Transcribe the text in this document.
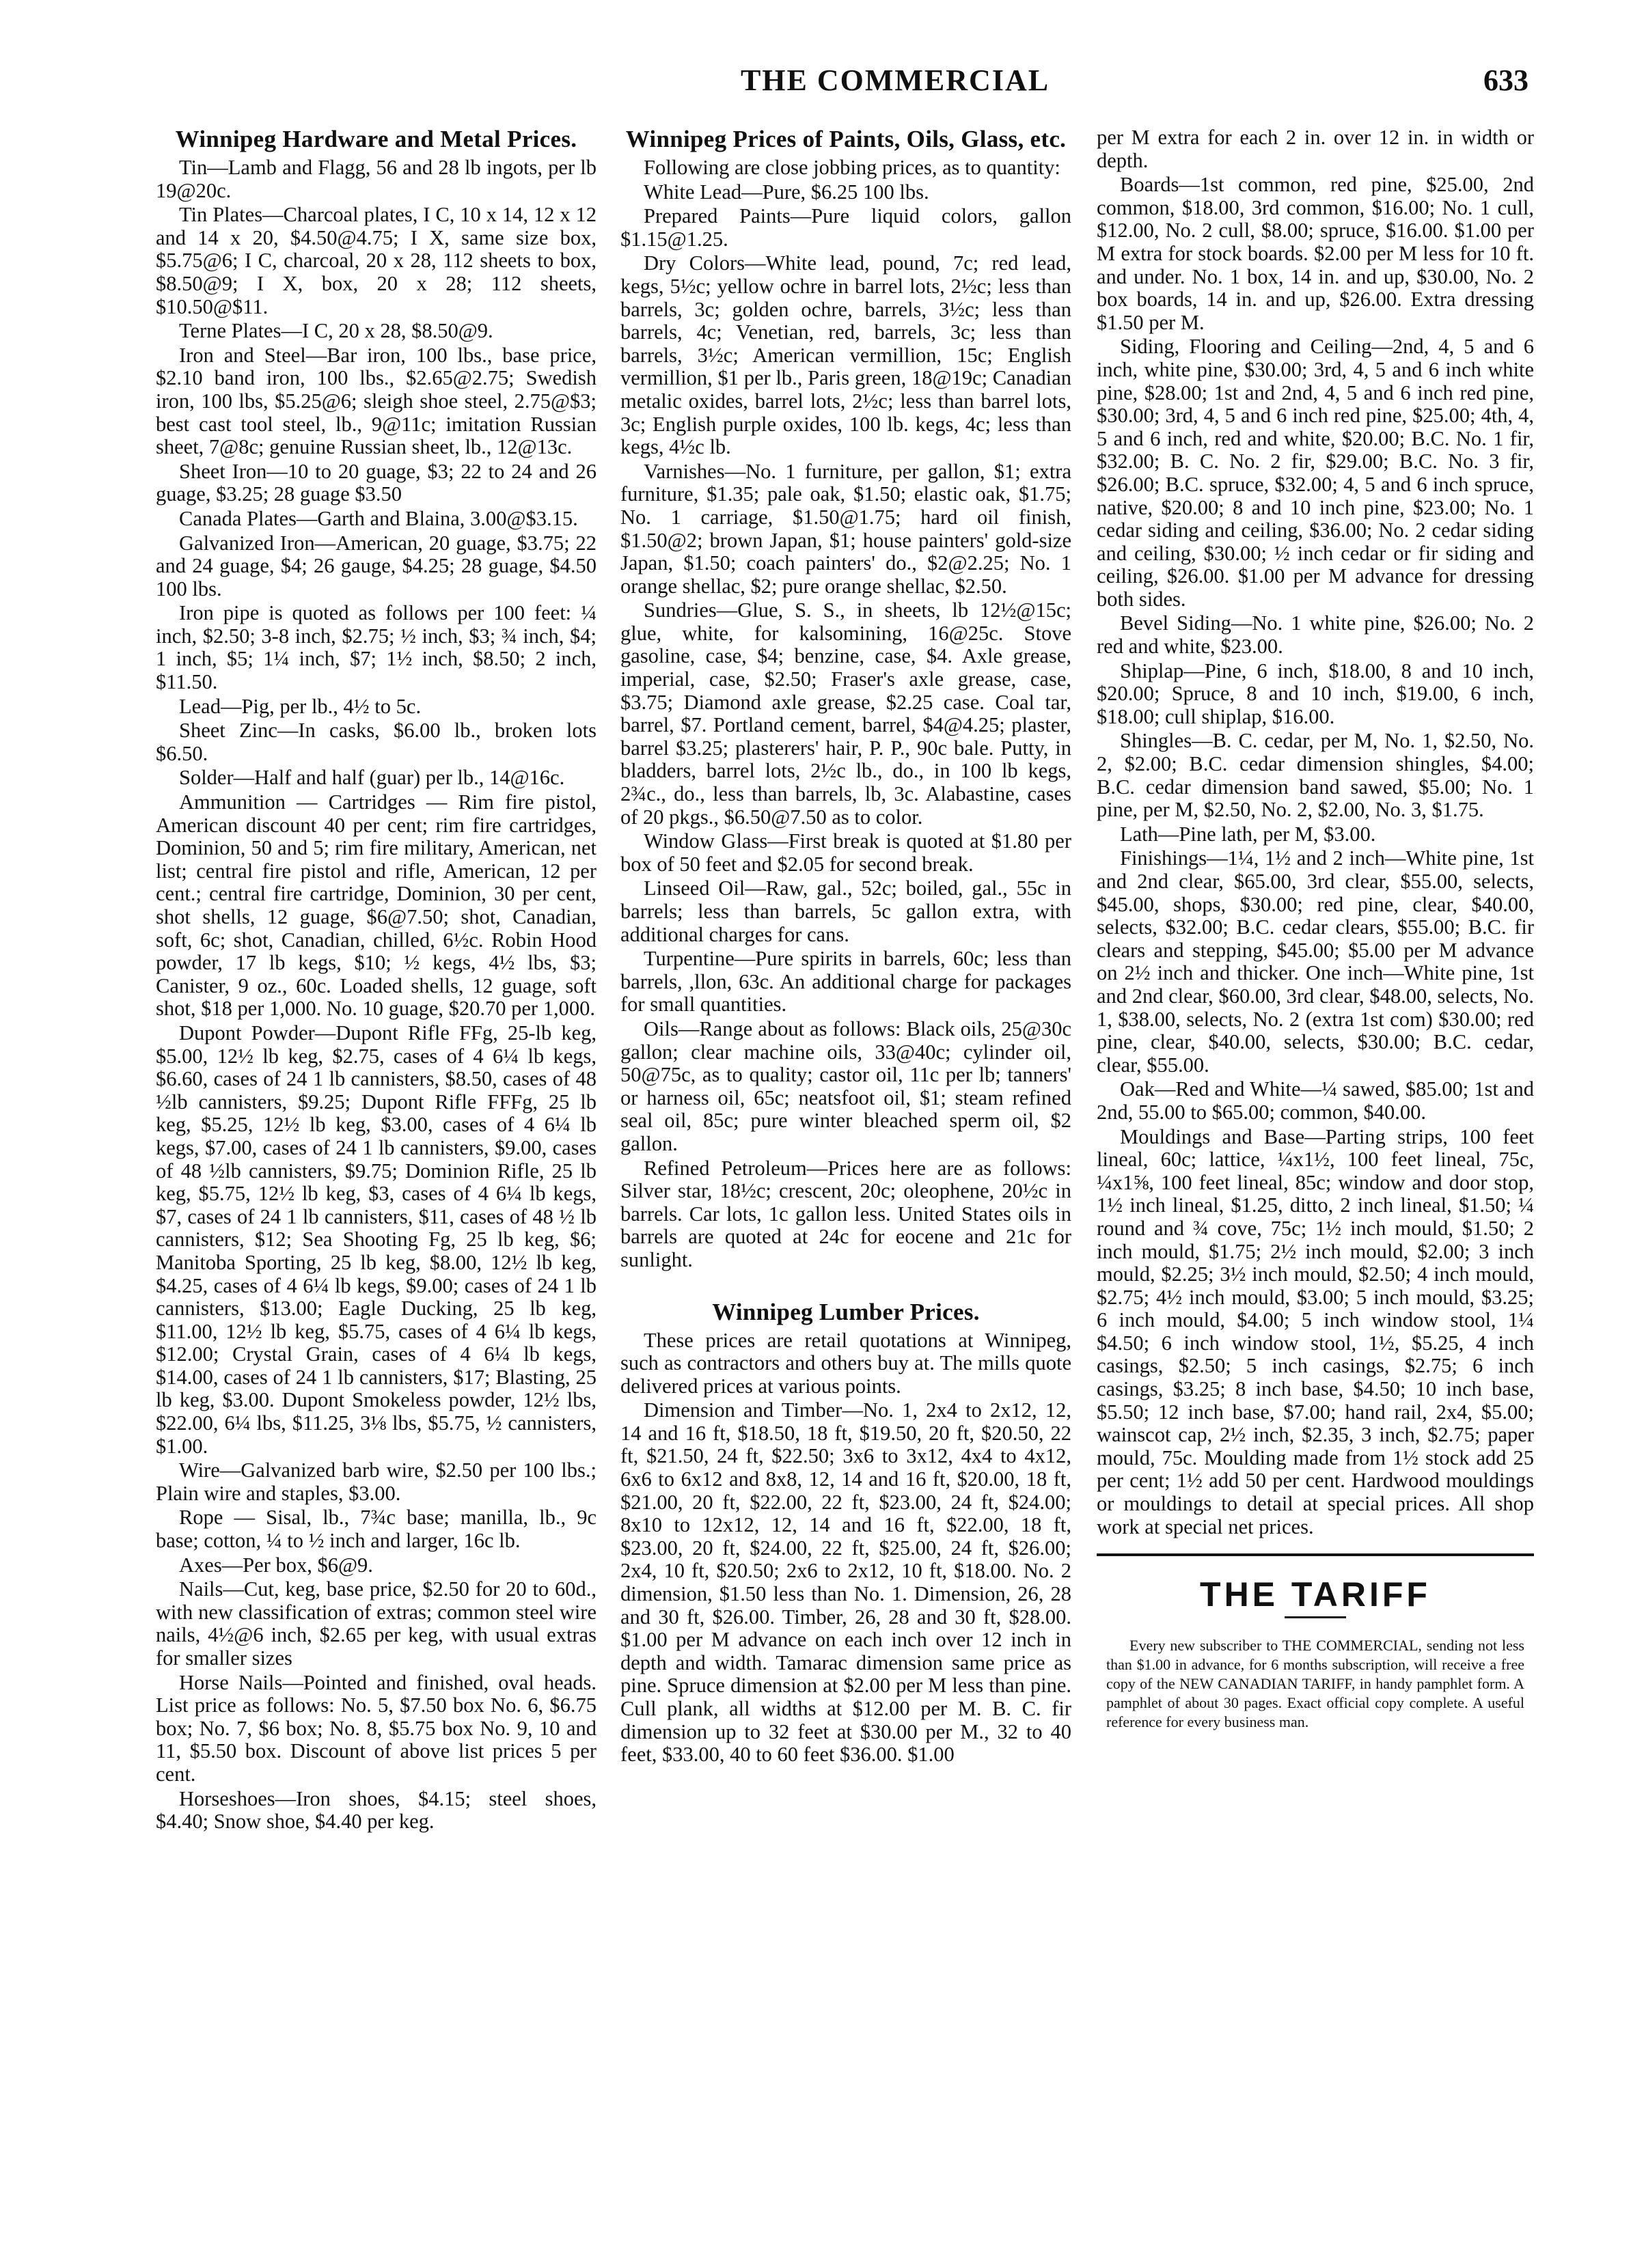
THE COMMERCIAL	633
Winnipeg Hardware and Metal Prices.

Tin—Lamb and Flagg, 56 and 28 lb ingots, per lb 19@20c.

Tin Plates—Charcoal plates, I C, 10 x 14, 12 x 12 and 14 x 20, $4.50@4.75; I X, same size box, $5.75@6; I C, charcoal, 20 x 28, 112 sheets to box, $8.50@9; I X, box, 20 x 28; 112 sheets, $10.50@$11.

Terne Plates—I C, 20 x 28, $8.50@9.

Iron and Steel—Bar iron, 100 lbs., base price, $2.10 band iron, 100 lbs., $2.65@2.75; Swedish iron, 100 lbs, $5.25@6; sleigh shoe steel, 2.75@$3; best cast tool steel, lb., 9@11c; imitation Russian sheet, 7@8c; genuine Russian sheet, lb., 12@13c.

Sheet Iron—10 to 20 guage, $3; 22 to 24 and 26 guage, $3.25; 28 guage $3.50

Canada Plates—Garth and Blaina, 3.00@$3.15.

Galvanized Iron—American, 20 guage, $3.75; 22 and 24 guage, $4; 26 gauge, $4.25; 28 guage, $4.50 100 lbs.

Iron pipe is quoted as follows per 100 feet: ¼ inch, $2.50; 3-8 inch, $2.75; ½ inch, $3; ¾ inch, $4; 1 inch, $5; 1¼ inch, $7; 1½ inch, $8.50; 2 inch, $11.50.

Lead—Pig, per lb., 4½ to 5c.

Sheet Zinc—In casks, $6.00 lb., broken lots $6.50.

Solder—Half and half (guar) per lb., 14@16c.

Ammunition — Cartridges — Rim fire pistol, American discount 40 per cent; rim fire cartridges, Dominion, 50 and 5; rim fire military, American, net list; central fire pistol and rifle, American, 12 per cent.; central fire cartridge, Dominion, 30 per cent, shot shells, 12 guage, $6@7.50; shot, Canadian, soft, 6c; shot, Canadian, chilled, 6½c. Robin Hood powder, 17 lb kegs, $10; ½ kegs, 4½ lbs, $3; Canister, 9 oz., 60c. Loaded shells, 12 guage, soft shot, $18 per 1,000. No. 10 guage, $20.70 per 1,000.

Dupont Powder—Dupont Rifle FFg, 25-lb keg, $5.00, 12½ lb keg, $2.75, cases of 4 6¼ lb kegs, $6.60, cases of 24 1 lb cannisters, $8.50, cases of 48 ½lb cannisters, $9.25; Dupont Rifle FFFg, 25 lb keg, $5.25, 12½ lb keg, $3.00, cases of 4 6¼ lb kegs, $7.00, cases of 24 1 lb cannisters, $9.00, cases of 48 ½lb cannisters, $9.75; Dominion Rifle, 25 lb keg, $5.75, 12½ lb keg, $3, cases of 4 6¼ lb kegs, $7, cases of 24 1 lb cannisters, $11, cases of 48 ½ lb cannisters, $12; Sea Shooting Fg, 25 lb keg, $6; Manitoba Sporting, 25 lb keg, $8.00, 12½ lb keg, $4.25, cases of 4 6¼ lb kegs, $9.00; cases of 24 1 lb cannisters, $13.00; Eagle Ducking, 25 lb keg, $11.00, 12½ lb keg, $5.75, cases of 4 6¼ lb kegs, $12.00; Crystal Grain, cases of 4 6¼ lb kegs, $14.00, cases of 24 1 lb cannisters, $17; Blasting, 25 lb keg, $3.00. Dupont Smokeless powder, 12½ lbs, $22.00, 6¼ lbs, $11.25, 3⅛ lbs, $5.75, ½ cannisters, $1.00.

Wire—Galvanized barb wire, $2.50 per 100 lbs.; Plain wire and staples, $3.00.

Rope — Sisal, lb., 7¾c base; manilla, lb., 9c base; cotton, ¼ to ½ inch and larger, 16c lb.

Axes—Per box, $6@9.

Nails—Cut, keg, base price, $2.50 for 20 to 60d., with new classification of extras; common steel wire nails, 4½@6 inch, $2.65 per keg, with usual extras for smaller sizes

Horse Nails—Pointed and finished, oval heads. List price as follows: No. 5, $7.50 box No. 6, $6.75 box; No. 7, $6 box; No. 8, $5.75 box No. 9, 10 and 11, $5.50 box. Discount of above list prices 5 per cent.

Horseshoes—Iron shoes, $4.15; steel shoes, $4.40; Snow shoe, $4.40 per keg.

Winnipeg Prices of Paints, Oils, Glass, etc.

Following are close jobbing prices, as to quantity:

White Lead—Pure, $6.25 100 lbs.

Prepared Paints—Pure liquid colors, gallon $1.15@1.25.

Dry Colors—White lead, pound, 7c; red lead, kegs, 5½c; yellow ochre in barrel lots, 2½c; less than barrels, 3c; golden ochre, barrels, 3½c; less than barrels, 4c; Venetian, red, barrels, 3c; less than barrels, 3½c; American vermillion, 15c; English vermillion, $1 per lb., Paris green, 18@19c; Canadian metalic oxides, barrel lots, 2½c; less than barrel lots, 3c; English purple oxides, 100 lb. kegs, 4c; less than kegs, 4½c lb.

Varnishes—No. 1 furniture, per gallon, $1; extra furniture, $1.35; pale oak, $1.50; elastic oak, $1.75; No. 1 carriage, $1.50@1.75; hard oil finish, $1.50@2; brown Japan, $1; house painters' gold-size Japan, $1.50; coach painters' do., $2@2.25; No. 1 orange shellac, $2; pure orange shellac, $2.50.

Sundries—Glue, S. S., in sheets, lb 12½@15c; glue, white, for kalsomining, 16@25c. Stove gasoline, case, $4; benzine, case, $4. Axle grease, imperial, case, $2.50; Fraser's axle grease, case, $3.75; Diamond axle grease, $2.25 case. Coal tar, barrel, $7. Portland cement, barrel, $4@4.25; plaster, barrel $3.25; plasterers' hair, P. P., 90c bale. Putty, in bladders, barrel lots, 2½c lb., do., in 100 lb kegs, 2¾c., do., less than barrels, lb, 3c. Alabastine, cases of 20 pkgs., $6.50@7.50 as to color.

Window Glass—First break is quoted at $1.80 per box of 50 feet and $2.05 for second break.

Linseed Oil—Raw, gal., 52c; boiled, gal., 55c in barrels; less than barrels, 5c gallon extra, with additional charges for cans.

Turpentine—Pure spirits in barrels, 60c; less than barrels, ,llon, 63c. An additional charge for packages for small quantities.

Oils—Range about as follows: Black oils, 25@30c gallon; clear machine oils, 33@40c; cylinder oil, 50@75c, as to quality; castor oil, 11c per lb; tanners' or harness oil, 65c; neatsfoot oil, $1; steam refined seal oil, 85c; pure winter bleached sperm oil, $2 gallon.

Refined Petroleum—Prices here are as follows: Silver star, 18½c; crescent, 20c; oleophene, 20½c in barrels. Car lots, 1c gallon less. United States oils in barrels are quoted at 24c for eocene and 21c for sunlight.

Winnipeg Lumber Prices.

These prices are retail quotations at Winnipeg, such as contractors and others buy at. The mills quote delivered prices at various points.

Dimension and Timber—No. 1, 2x4 to 2x12, 12, 14 and 16 ft, $18.50, 18 ft, $19.50, 20 ft, $20.50, 22 ft, $21.50, 24 ft, $22.50; 3x6 to 3x12, 4x4 to 4x12, 6x6 to 6x12 and 8x8, 12, 14 and 16 ft, $20.00, 18 ft, $21.00, 20 ft, $22.00, 22 ft, $23.00, 24 ft, $24.00; 8x10 to 12x12, 12, 14 and 16 ft, $22.00, 18 ft, $23.00, 20 ft, $24.00, 22 ft, $25.00, 24 ft, $26.00; 2x4, 10 ft, $20.50; 2x6 to 2x12, 10 ft, $18.00. No. 2 dimension, $1.50 less than No. 1. Dimension, 26, 28 and 30 ft, $26.00. Timber, 26, 28 and 30 ft, $28.00. $1.00 per M advance on each inch over 12 inch in depth and width. Tamarac dimension same price as pine. Spruce dimension at $2.00 per M less than pine. Cull plank, all widths at $12.00 per M. B. C. fir dimension up to 32 feet at $30.00 per M., 32 to 40 feet, $33.00, 40 to 60 feet $36.00. $1.00

per M extra for each 2 in. over 12 in. in width or depth.

Boards—1st common, red pine, $25.00, 2nd common, $18.00, 3rd common, $16.00; No. 1 cull, $12.00, No. 2 cull, $8.00; spruce, $16.00. $1.00 per M extra for stock boards. $2.00 per M less for 10 ft. and under. No. 1 box, 14 in. and up, $30.00, No. 2 box boards, 14 in. and up, $26.00. Extra dressing $1.50 per M.

Siding, Flooring and Ceiling—2nd, 4, 5 and 6 inch, white pine, $30.00; 3rd, 4, 5 and 6 inch white pine, $28.00; 1st and 2nd, 4, 5 and 6 inch red pine, $30.00; 3rd, 4, 5 and 6 inch red pine, $25.00; 4th, 4, 5 and 6 inch, red and white, $20.00; B.C. No. 1 fir, $32.00; B. C. No. 2 fir, $29.00; B.C. No. 3 fir, $26.00; B.C. spruce, $32.00; 4, 5 and 6 inch spruce, native, $20.00; 8 and 10 inch pine, $23.00; No. 1 cedar siding and ceiling, $36.00; No. 2 cedar siding and ceiling, $30.00; ½ inch cedar or fir siding and ceiling, $26.00. $1.00 per M advance for dressing both sides.

Bevel Siding—No. 1 white pine, $26.00; No. 2 red and white, $23.00.

Shiplap—Pine, 6 inch, $18.00, 8 and 10 inch, $20.00; Spruce, 8 and 10 inch, $19.00, 6 inch, $18.00; cull shiplap, $16.00.

Shingles—B. C. cedar, per M, No. 1, $2.50, No. 2, $2.00; B.C. cedar dimension shingles, $4.00; B.C. cedar dimension band sawed, $5.00; No. 1 pine, per M, $2.50, No. 2, $2.00, No. 3, $1.75.

Lath—Pine lath, per M, $3.00.

Finishings—1¼, 1½ and 2 inch—White pine, 1st and 2nd clear, $65.00, 3rd clear, $55.00, selects, $45.00, shops, $30.00; red pine, clear, $40.00, selects, $32.00; B.C. cedar clears, $55.00; B.C. fir clears and stepping, $45.00; $5.00 per M advance on 2½ inch and thicker. One inch—White pine, 1st and 2nd clear, $60.00, 3rd clear, $48.00, selects, No. 1, $38.00, selects, No. 2 (extra 1st com) $30.00; red pine, clear, $40.00, selects, $30.00; B.C. cedar, clear, $55.00.

Oak—Red and White—¼ sawed, $85.00; 1st and 2nd, 55.00 to $65.00; common, $40.00.

Mouldings and Base—Parting strips, 100 feet lineal, 60c; lattice, ¼x1½, 100 feet lineal, 75c, ¼x1⅝, 100 feet lineal, 85c; window and door stop, 1½ inch lineal, $1.25, ditto, 2 inch lineal, $1.50; ¼ round and ¾ cove, 75c; 1½ inch mould, $1.50; 2 inch mould, $1.75; 2½ inch mould, $2.00; 3 inch mould, $2.25; 3½ inch mould, $2.50; 4 inch mould, $2.75; 4½ inch mould, $3.00; 5 inch mould, $3.25; 6 inch mould, $4.00; 5 inch window stool, 1¼ $4.50; 6 inch window stool, 1½, $5.25, 4 inch casings, $2.50; 5 inch casings, $2.75; 6 inch casings, $3.25; 8 inch base, $4.50; 10 inch base, $5.50; 12 inch base, $7.00; hand rail, 2x4, $5.00; wainscot cap, 2½ inch, $2.35, 3 inch, $2.75; paper mould, 75c. Moulding made from 1½ stock add 25 per cent; 1½ add 50 per cent. Hardwood mouldings or mouldings to detail at special prices. All shop work at special net prices.

THE TARIFF

Every new subscriber to THE COMMERCIAL, sending not less than $1.00 in advance, for 6 months subscription, will receive a free copy of the NEW CANADIAN TARIFF, in handy pamphlet form. A pamphlet of about 30 pages. Exact official copy complete. A useful reference for every business man.
